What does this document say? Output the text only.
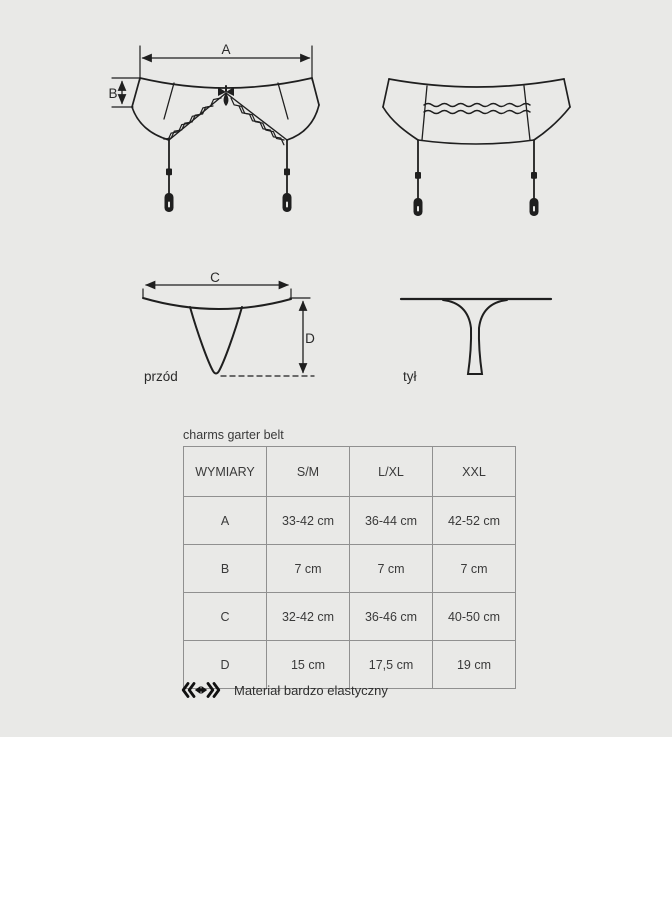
A
B
C
D
przód	tył
charms garter belt
WYMIARY	S/M	L/XL	XXL
A	33-42 cm	36-44 cm	42-52 cm
B	7 cm	7 cm	7 cm
C	32-42 cm	36-46 cm	40-50 cm
D	15 cm	17,5 cm	19 cm
Materiał bardzo elastyczny
